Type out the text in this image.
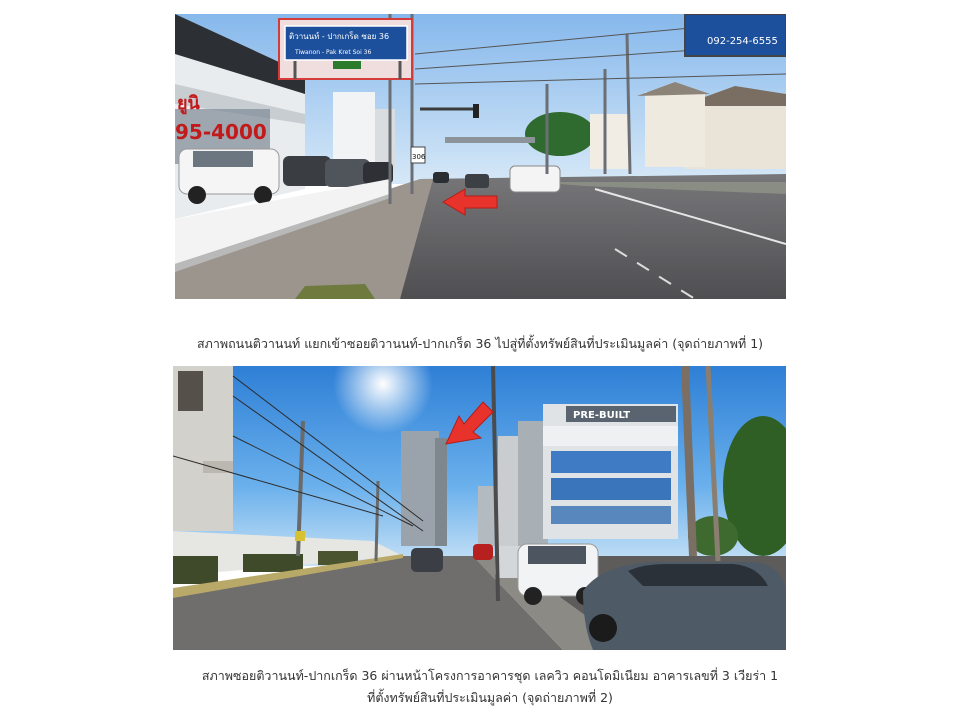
ยูนิ
95-4000
306
092-254-6555
ติวานนท์ - ปากเกร็ด ซอย 36
Tiwanon - Pak Kret Soi 36
สภาพถนนติวานนท์ แยกเข้าซอยติวานนท์-ปากเกร็ด 36 ไปสู่ที่ตั้งทรัพย์สินที่ประเมินมูลค่า (จุดถ่ายภาพที่ 1)
PRE-BUILT
สภาพซอยติวานนท์-ปากเกร็ด 36 ผ่านหน้าโครงการอาคารชุด เลควิว คอนโดมิเนียม อาคารเลขที่ 3 เวียร่า 1
ที่ตั้งทรัพย์สินที่ประเมินมูลค่า (จุดถ่ายภาพที่ 2)
